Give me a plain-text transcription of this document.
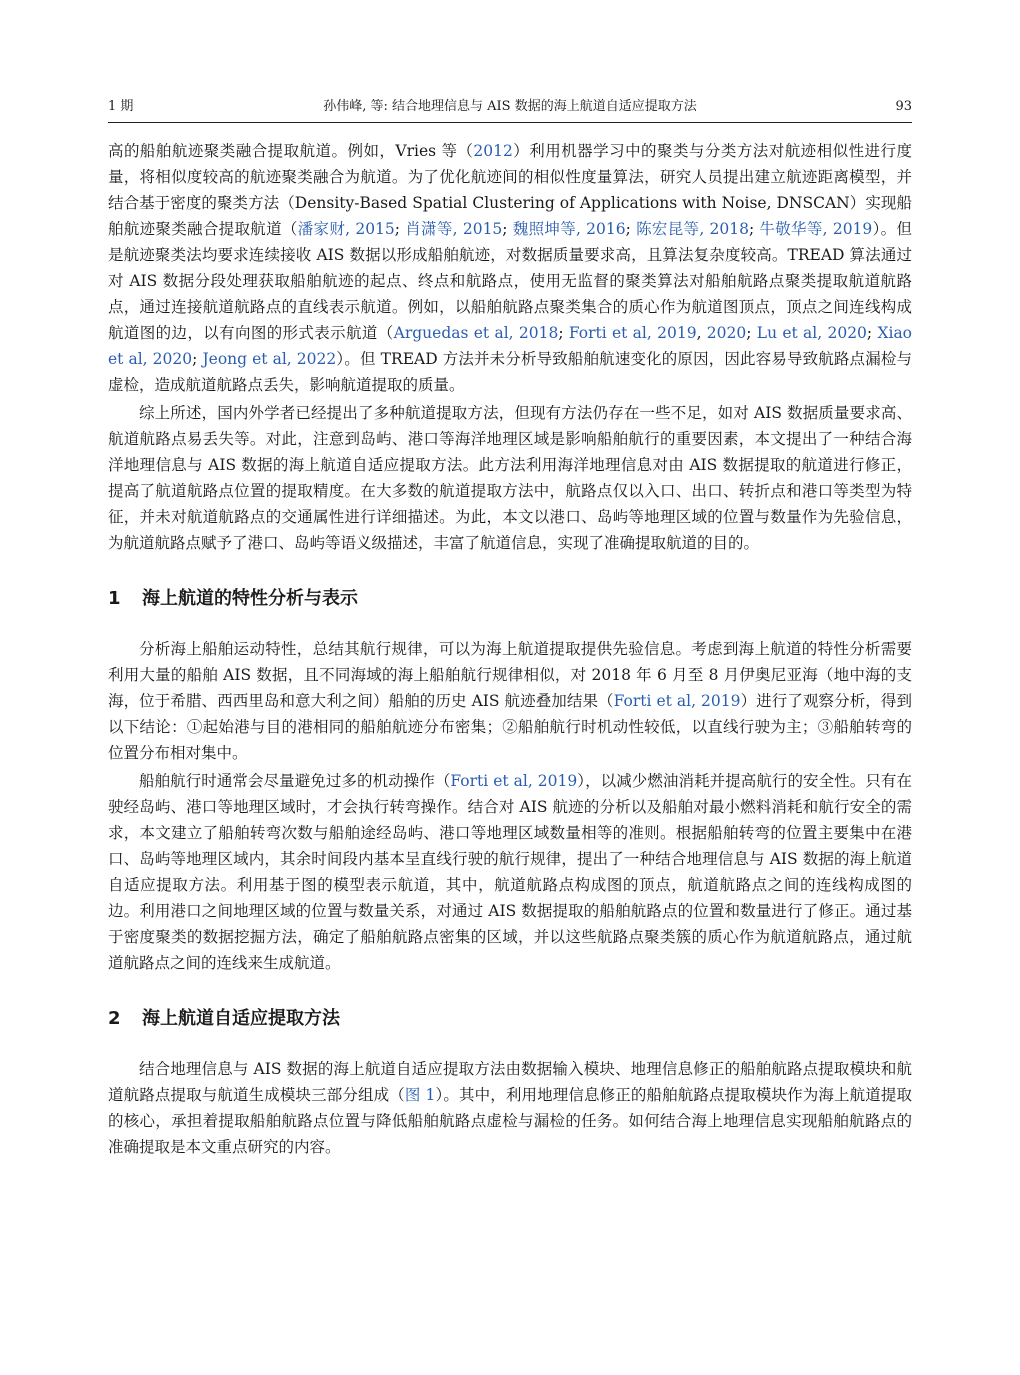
1 期	孙伟峰, 等: 结合地理信息与 AIS 数据的海上航道自适应提取方法	93

高的船舶航迹聚类融合提取航道。例如，Vries 等（2012）利用机器学习中的聚类与分类方法对航迹相似性进行度量，将相似度较高的航迹聚类融合为航道。为了优化航迹间的相似性度量算法，研究人员提出建立航迹距离模型，并结合基于密度的聚类方法（Density-Based Spatial Clustering of Applications with Noise, DNSCAN）实现船舶航迹聚类融合提取航道（潘家财, 2015; 肖潇等, 2015; 魏照坤等, 2016; 陈宏昆等, 2018; 牛敬华等, 2019）。但是航迹聚类法均要求连续接收 AIS 数据以形成船舶航迹，对数据质量要求高，且算法复杂度较高。TREAD 算法通过对 AIS 数据分段处理获取船舶航迹的起点、终点和航路点，使用无监督的聚类算法对船舶航路点聚类提取航道航路点，通过连接航道航路点的直线表示航道。例如，以船舶航路点聚类集合的质心作为航道图顶点，顶点之间连线构成航道图的边，以有向图的形式表示航道（Arguedas et al, 2018; Forti et al, 2019, 2020; Lu et al, 2020; Xiao et al, 2020; Jeong et al, 2022）。但 TREAD 方法并未分析导致船舶航速变化的原因，因此容易导致航路点漏检与虚检，造成航道航路点丢失，影响航道提取的质量。

综上所述，国内外学者已经提出了多种航道提取方法，但现有方法仍存在一些不足，如对 AIS 数据质量要求高、航道航路点易丢失等。对此，注意到岛屿、港口等海洋地理区域是影响船舶航行的重要因素，本文提出了一种结合海洋地理信息与 AIS 数据的海上航道自适应提取方法。此方法利用海洋地理信息对由 AIS 数据提取的航道进行修正，提高了航道航路点位置的提取精度。在大多数的航道提取方法中，航路点仅以入口、出口、转折点和港口等类型为特征，并未对航道航路点的交通属性进行详细描述。为此，本文以港口、岛屿等地理区域的位置与数量作为先验信息，为航道航路点赋予了港口、岛屿等语义级描述，丰富了航道信息，实现了准确提取航道的目的。

1 海上航道的特性分析与表示

分析海上船舶运动特性，总结其航行规律，可以为海上航道提取提供先验信息。考虑到海上航道的特性分析需要利用大量的船舶 AIS 数据，且不同海域的海上船舶航行规律相似，对 2018 年 6 月至 8 月伊奥尼亚海（地中海的支海，位于希腊、西西里岛和意大利之间）船舶的历史 AIS 航迹叠加结果（Forti et al, 2019）进行了观察分析，得到以下结论：①起始港与目的港相同的船舶航迹分布密集；②船舶航行时机动性较低，以直线行驶为主；③船舶转弯的位置分布相对集中。

船舶航行时通常会尽量避免过多的机动操作（Forti et al, 2019），以减少燃油消耗并提高航行的安全性。只有在驶经岛屿、港口等地理区域时，才会执行转弯操作。结合对 AIS 航迹的分析以及船舶对最小燃料消耗和航行安全的需求，本文建立了船舶转弯次数与船舶途经岛屿、港口等地理区域数量相等的准则。根据船舶转弯的位置主要集中在港口、岛屿等地理区域内，其余时间段内基本呈直线行驶的航行规律，提出了一种结合地理信息与 AIS 数据的海上航道自适应提取方法。利用基于图的模型表示航道，其中，航道航路点构成图的顶点，航道航路点之间的连线构成图的边。利用港口之间地理区域的位置与数量关系，对通过 AIS 数据提取的船舶航路点的位置和数量进行了修正。通过基于密度聚类的数据挖掘方法，确定了船舶航路点密集的区域，并以这些航路点聚类簇的质心作为航道航路点，通过航道航路点之间的连线来生成航道。

2 海上航道自适应提取方法

结合地理信息与 AIS 数据的海上航道自适应提取方法由数据输入模块、地理信息修正的船舶航路点提取模块和航道航路点提取与航道生成模块三部分组成（图 1）。其中，利用地理信息修正的船舶航路点提取模块作为海上航道提取的核心，承担着提取船舶航路点位置与降低船舶航路点虚检与漏检的任务。如何结合海上地理信息实现船舶航路点的准确提取是本文重点研究的内容。
